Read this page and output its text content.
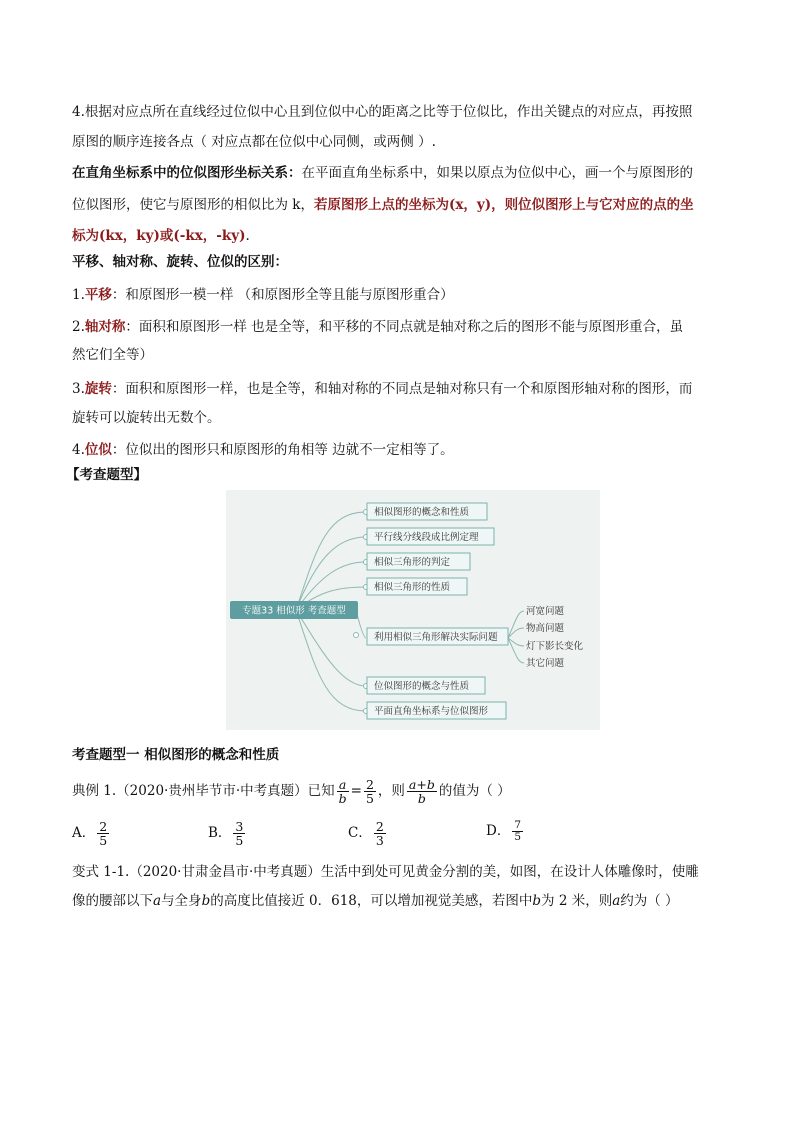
4.根据对应点所在直线经过位似中心且到位似中心的距离之比等于位似比，作出关键点的对应点，再按照
原图的顺序连接各点（ 对应点都在位似中心同侧，或两侧 ）.
在直角坐标系中的位似图形坐标关系：在平面直角坐标系中，如果以原点为位似中心，画一个与原图形的
位似图形，使它与原图形的相似比为 k，若原图形上点的坐标为(x，y)，则位似图形上与它对应的点的坐
标为(kx，ky)或(-kx，-ky).
平移、轴对称、旋转、位似的区别：
1.平移：和原图形一模一样 （和原图形全等且能与原图形重合）
2.轴对称：面积和原图形一样 也是全等，和平移的不同点就是轴对称之后的图形不能与原图形重合，虽
然它们全等）
3.旋转：面积和原图形一样，也是全等，和轴对称的不同点是轴对称只有一个和原图形轴对称的图形，而
旋转可以旋转出无数个。
4.位似：位似出的图形只和原图形的角相等 边就不一定相等了。
【考查题型】
专题33 相似形 考查题型
相似图形的概念和性质
平行线分线段成比例定理
相似三角形的判定
相似三角形的性质
利用相似三角形解决实际问题
位似图形的概念与性质
平面直角坐标系与位似图形
河宽问题
物高问题
灯下影长变化
其它问题
考查题型一 相似图形的概念和性质
典例 1.（2020·贵州毕节市·中考真题）已知 $\frac{a}{b} = \frac{2}{5}$ ，则 $\frac{a+b}{b}$ 的值为（ ）
A． $\frac{2}{5}$	B． $\frac{3}{5}$	C． $\frac{2}{3}$	D． $\frac{7}{5}$
变式 1-1.（2020·甘肃金昌市·中考真题）生活中到处可见黄金分割的美，如图，在设计人体雕像时，使雕
像的腰部以下a与全身b的高度比值接近 0．618，可以增加视觉美感，若图中b为 2 米，则a约为（ ）
